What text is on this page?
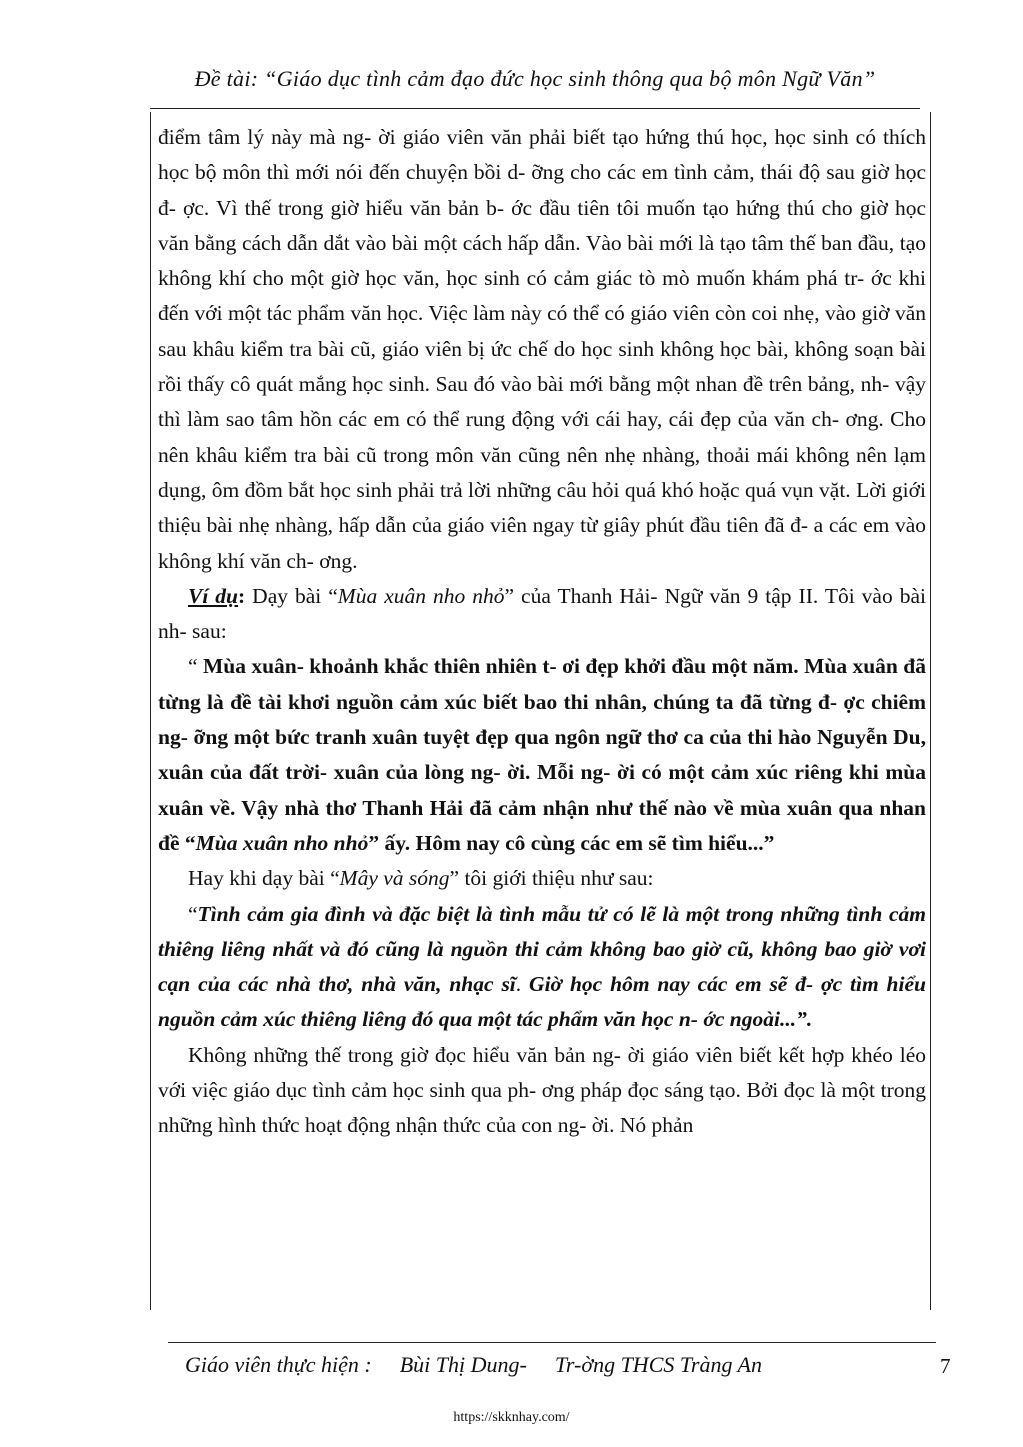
Đề tài: “Giáo dục tình cảm đạo đức học sinh thông qua bộ môn Ngữ Văn”

điểm tâm lý này mà ng- ời giáo viên văn phải biết tạo hứng thú học, học sinh có thích học bộ môn thì mới nói đến chuyện bồi d- ỡng cho các em tình cảm, thái độ sau giờ học đ- ợc. Vì thế trong giờ hiểu văn bản b- ớc đầu tiên tôi muốn tạo hứng thú cho giờ học văn bằng cách dẫn dắt vào bài một cách hấp dẫn. Vào bài mới là tạo tâm thế ban đầu, tạo không khí cho một giờ học văn, học sinh có cảm giác tò mò muốn khám phá tr- ớc khi đến với một tác phẩm văn học. Việc làm này có thể có giáo viên còn coi nhẹ, vào giờ văn sau khâu kiểm tra bài cũ, giáo viên bị ức chế do học sinh không học bài, không soạn bài rồi thấy cô quát mắng học sinh. Sau đó vào bài mới bằng một nhan đề trên bảng, nh- vậy thì làm sao tâm hồn các em có thể rung động với cái hay, cái đẹp của văn ch- ơng. Cho nên khâu kiểm tra bài cũ trong môn văn cũng nên nhẹ nhàng, thoải mái không nên lạm dụng, ôm đồm bắt học sinh phải trả lời những câu hỏi quá khó hoặc quá vụn vặt. Lời giới thiệu bài nhẹ nhàng, hấp dẫn của giáo viên ngay từ giây phút đầu tiên đã đ- a các em vào không khí văn ch- ơng.

Ví dụ: Dạy bài “Mùa xuân nho nhỏ” của Thanh Hải- Ngữ văn 9 tập II. Tôi vào bài nh- sau:

“ Mùa xuân- khoảnh khắc thiên nhiên t- ơi đẹp khởi đầu một năm. Mùa xuân đã từng là đề tài khơi nguồn cảm xúc biết bao thi nhân, chúng ta đã từng đ- ợc chiêm ng- ỡng một bức tranh xuân tuyệt đẹp qua ngôn ngữ thơ ca của thi hào Nguyễn Du, xuân của đất trời- xuân của lòng ng- ời. Mỗi ng- ời có một cảm xúc riêng khi mùa xuân về. Vậy nhà thơ Thanh Hải đã cảm nhận như thế nào về mùa xuân qua nhan đề “Mùa xuân nho nhỏ” ấy. Hôm nay cô cùng các em sẽ tìm hiểu...”

Hay khi dạy bài “Mây và sóng” tôi giới thiệu như sau:

“Tình cảm gia đình và đặc biệt là tình mẫu tử có lẽ là một trong những tình cảm thiêng liêng nhất và đó cũng là nguồn thi cảm không bao giờ cũ, không bao giờ vơi cạn của các nhà thơ, nhà văn, nhạc sĩ. Giờ học hôm nay các em sẽ đ- ợc tìm hiểu nguồn cảm xúc thiêng liêng đó qua một tác phẩm văn học n- ớc ngoài...”.

Không những thế trong giờ đọc hiểu văn bản ng- ời giáo viên biết kết hợp khéo léo với việc giáo dục tình cảm học sinh qua ph- ơng pháp đọc sáng tạo. Bởi đọc là một trong những hình thức hoạt động nhận thức của con ng- ời. Nó phản

Giáo viên thực hiện : Bùi Thị Dung- Tr-ờng THCS Tràng An	7
https://skknhay.com/
